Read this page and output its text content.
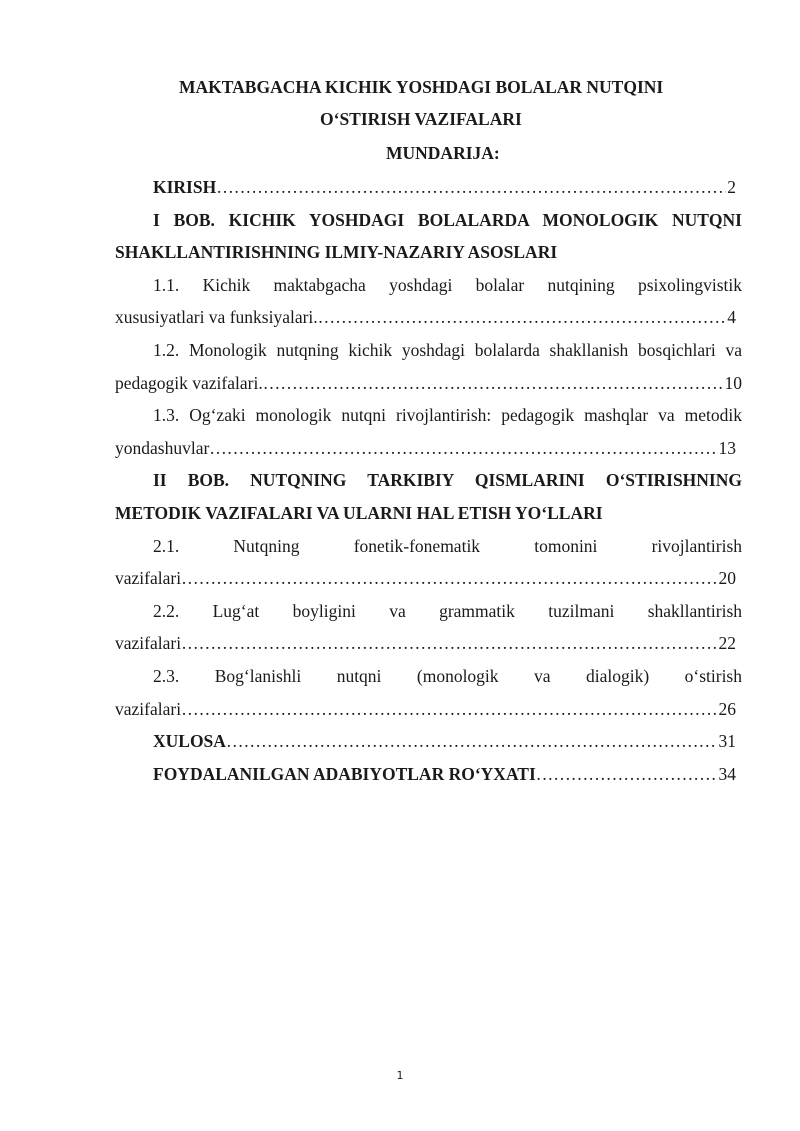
MAKTABGACHA KICHIK YOSHDAGI BOLALAR NUTQINI
O‘STIRISH VAZIFALARI
MUNDARIJA:
KIRISH …………………………………………………………………………………………………………………………………………………………………………………………	2
I BOB. KICHIK YOSHDAGI BOLALARDA MONOLOGIK NUTQNI
SHAKLLANTIRISHNING ILMIY-NAZARIY ASOSLARI
1.1. Kichik maktabgacha yoshdagi bolalar nutqining psixolingvistik
xususiyatlari va funksiyalari. …………………………………………………………………………………………………………………………………………………………………………………………	4
1.2. Monologik nutqning kichik yoshdagi bolalarda shakllanish bosqichlari va
pedagogik vazifalari. …………………………………………………………………………………………………………………………………………………………………………………………	10
1.3. Og‘zaki monologik nutqni rivojlantirish: pedagogik mashqlar va metodik
yondashuvlar …………………………………………………………………………………………………………………………………………………………………………………………	13
II BOB. NUTQNING TARKIBIY QISMLARINI O‘STIRISHNING
METODIK VAZIFALARI VA ULARNI HAL ETISH YO‘LLARI
2.1. Nutqning fonetik-fonematik tomonini rivojlantirish
vazifalari …………………………………………………………………………………………………………………………………………………………………………………………	20
2.2. Lug‘at boyligini va grammatik tuzilmani shakllantirish
vazifalari …………………………………………………………………………………………………………………………………………………………………………………………	22
2.3. Bog‘lanishli nutqni (monologik va dialogik) o‘stirish
vazifalari …………………………………………………………………………………………………………………………………………………………………………………………	26
XULOSA …………………………………………………………………………………………………………………………………………………………………………………………	31
FOYDALANILGAN ADABIYOTLAR RO‘YXATI …………………………………………………………………………………………………………………………………………………………………………………………	34
1
